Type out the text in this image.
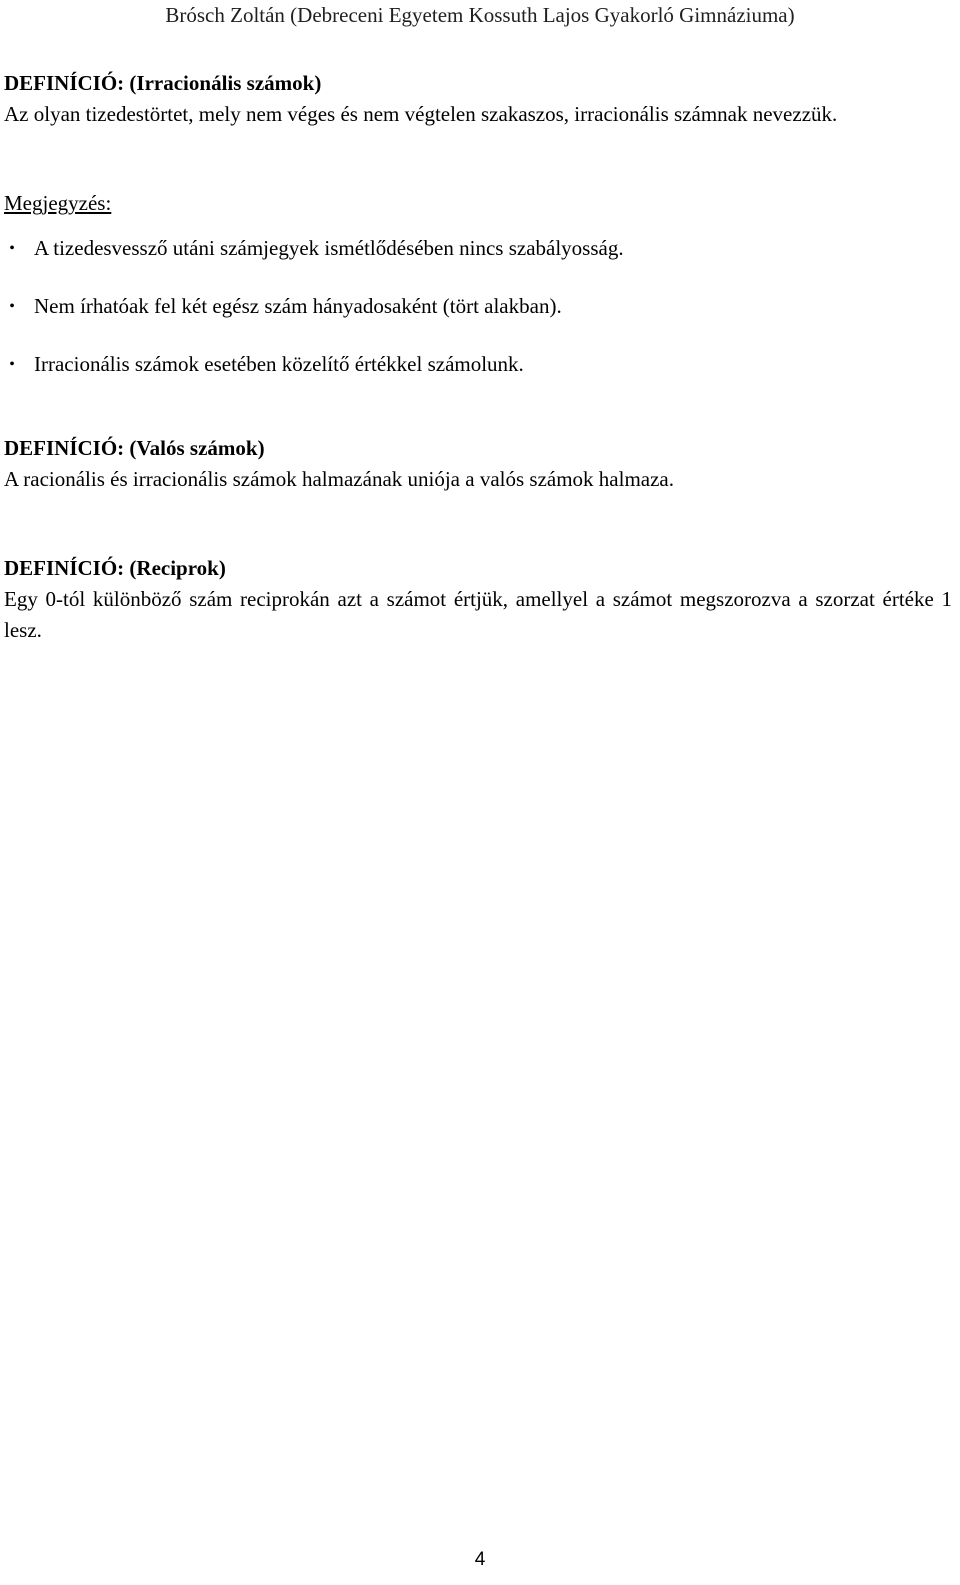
Brósch Zoltán (Debreceni Egyetem Kossuth Lajos Gyakorló Gimnáziuma)

DEFINÍCIÓ: (Irracionális számok)

Az olyan tizedestörtet, mely nem véges és nem végtelen szakaszos, irracionális számnak nevezzük.

Megjegyzés:

• A tizedesvessző utáni számjegyek ismétlődésében nincs szabályosság.
• Nem írhatóak fel két egész szám hányadosaként (tört alakban).
• Irracionális számok esetében közelítő értékkel számolunk.

DEFINÍCIÓ: (Valós számok)

A racionális és irracionális számok halmazának uniója a valós számok halmaza.

DEFINÍCIÓ: (Reciprok)

Egy 0-tól különböző szám reciprokán azt a számot értjük, amellyel a számot megszorozva a szorzat értéke 1 lesz.

4
